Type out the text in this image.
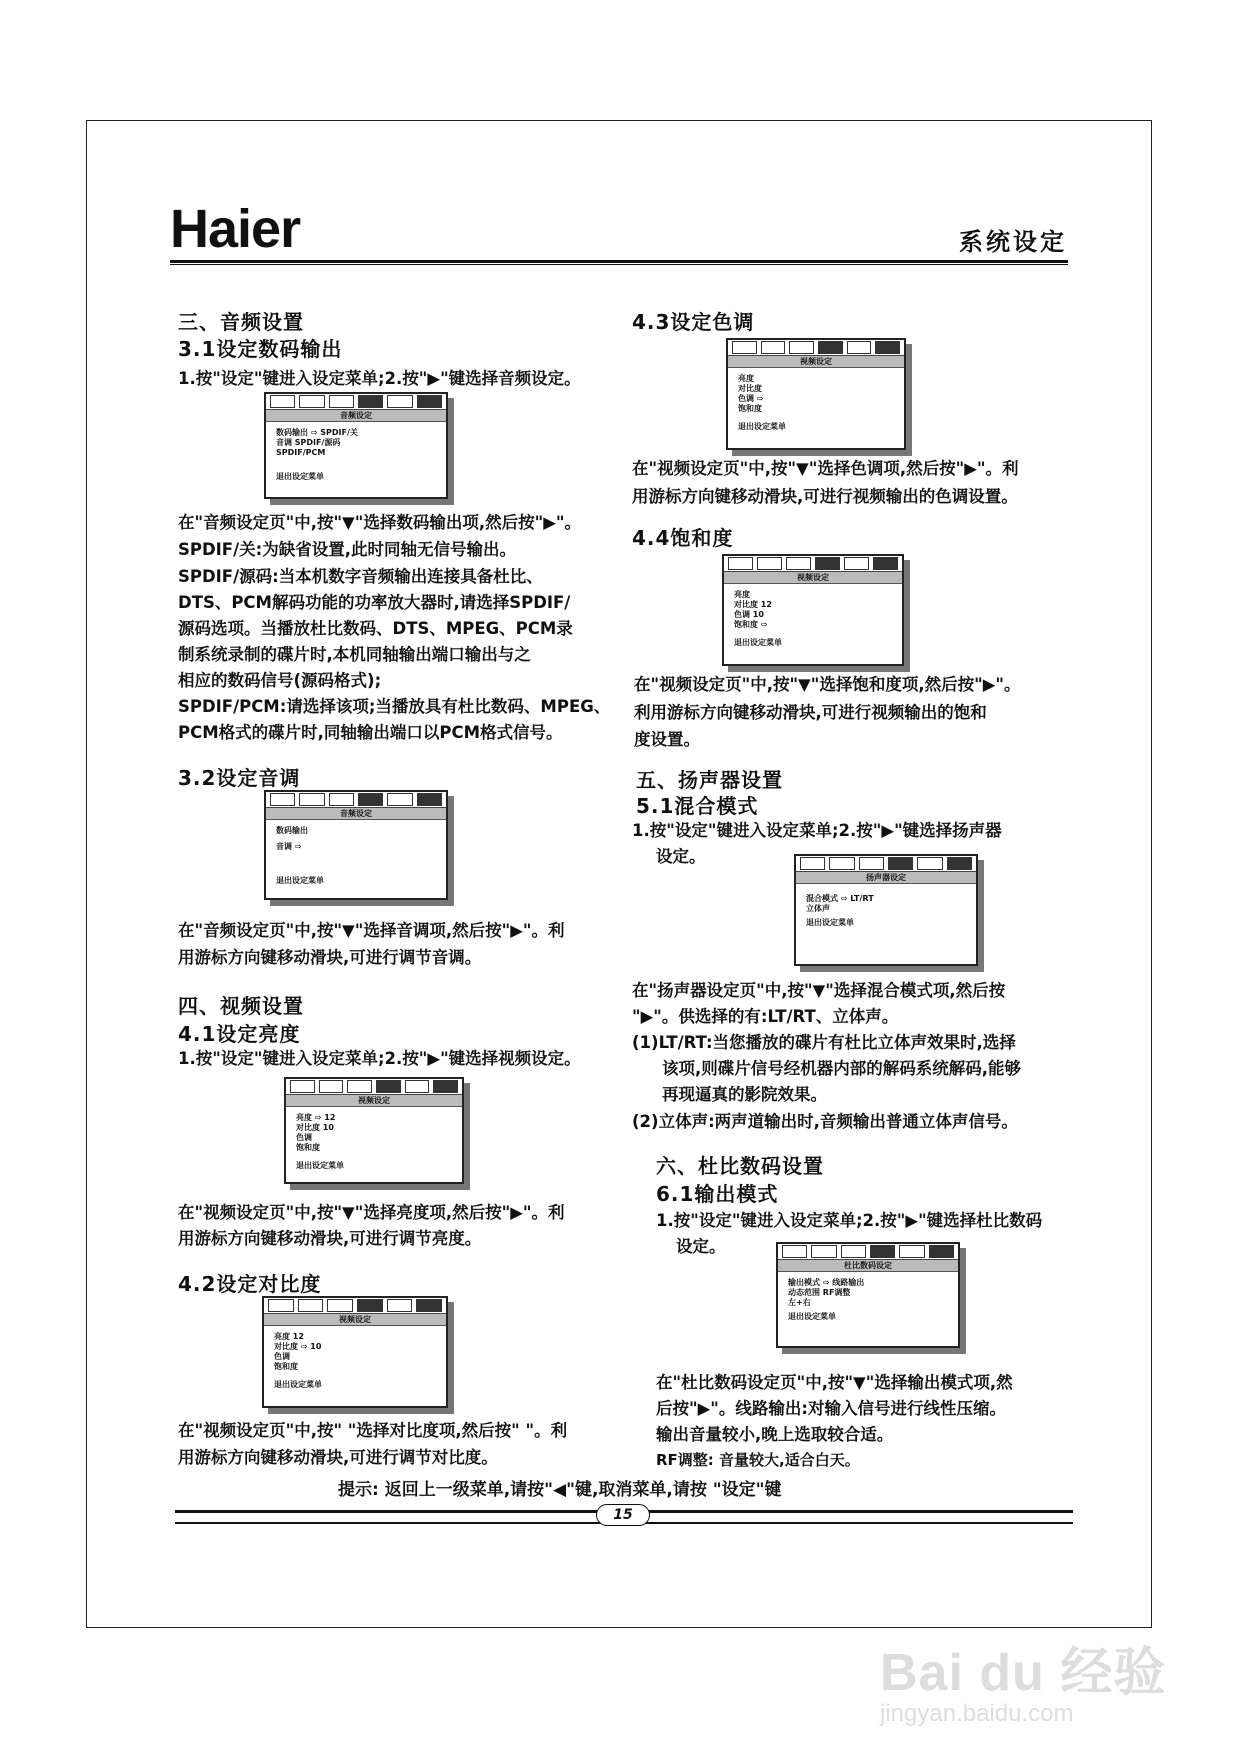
Haier	系统设定
三、音频设置
3.1设定数码输出
1.按"设定"键进入设定菜单;2.按"▶"键选择音频设定。
音频设定
数码输出 ⇨ SPDIF/关
音调 SPDIF/源码
SPDIF/PCM
退出设定菜单
在"音频设定页"中,按"▼"选择数码输出项,然后按"▶"。
SPDIF/关:为缺省设置,此时同轴无信号输出。
SPDIF/源码:当本机数字音频输出连接具备杜比、
DTS、PCM解码功能的功率放大器时,请选择SPDIF/
源码选项。当播放杜比数码、DTS、MPEG、PCM录
制系统录制的碟片时,本机同轴输出端口输出与之
相应的数码信号(源码格式);
SPDIF/PCM:请选择该项;当播放具有杜比数码、MPEG、
PCM格式的碟片时,同轴输出端口以PCM格式信号。
3.2设定音调
音频设定
数码输出
音调 ⇨
退出设定菜单
在"音频设定页"中,按"▼"选择音调项,然后按"▶"。利
用游标方向键移动滑块,可进行调节音调。
四、视频设置
4.1设定亮度
1.按"设定"键进入设定菜单;2.按"▶"键选择视频设定。
视频设定
亮度 ⇨ 12
对比度 10
色调
饱和度
退出设定菜单
在"视频设定页"中,按"▼"选择亮度项,然后按"▶"。利
用游标方向键移动滑块,可进行调节亮度。
4.2设定对比度
视频设定
亮度 12
对比度 ⇨ 10
色调
饱和度
退出设定菜单
在"视频设定页"中,按" "选择对比度项,然后按" "。利
用游标方向键移动滑块,可进行调节对比度。
4.3设定色调
视频设定
亮度
对比度
色调 ⇨
饱和度
退出设定菜单
在"视频设定页"中,按"▼"选择色调项,然后按"▶"。利
用游标方向键移动滑块,可进行视频输出的色调设置。
4.4饱和度
视频设定
亮度
对比度 12
色调 10
饱和度 ⇨
退出设定菜单
在"视频设定页"中,按"▼"选择饱和度项,然后按"▶"。
利用游标方向键移动滑块,可进行视频输出的饱和
度设置。
五、扬声器设置
5.1混合模式
1.按"设定"键进入设定菜单;2.按"▶"键选择扬声器
设定。
扬声器设定
混合模式 ⇨ LT/RT
立体声
退出设定菜单
在"扬声器设定页"中,按"▼"选择混合模式项,然后按
"▶"。供选择的有:LT/RT、立体声。
(1)LT/RT:当您播放的碟片有杜比立体声效果时,选择
该项,则碟片信号经机器内部的解码系统解码,能够
再现逼真的影院效果。
(2)立体声:两声道输出时,音频输出普通立体声信号。
六、杜比数码设置
6.1输出模式
1.按"设定"键进入设定菜单;2.按"▶"键选择杜比数码
设定。
杜比数码设定
输出模式 ⇨ 线路输出
动态范围 RF调整
左+右
退出设定菜单
在"杜比数码设定页"中,按"▼"选择输出模式项,然
后按"▶"。线路输出:对输入信号进行线性压缩。
输出音量较小,晚上选取较合适。
RF调整: 音量较大,适合白天。
提示: 返回上一级菜单,请按"◀"键,取消菜单,请按 "设定"键
15
Bai du 经验
jingyan.baidu.com
